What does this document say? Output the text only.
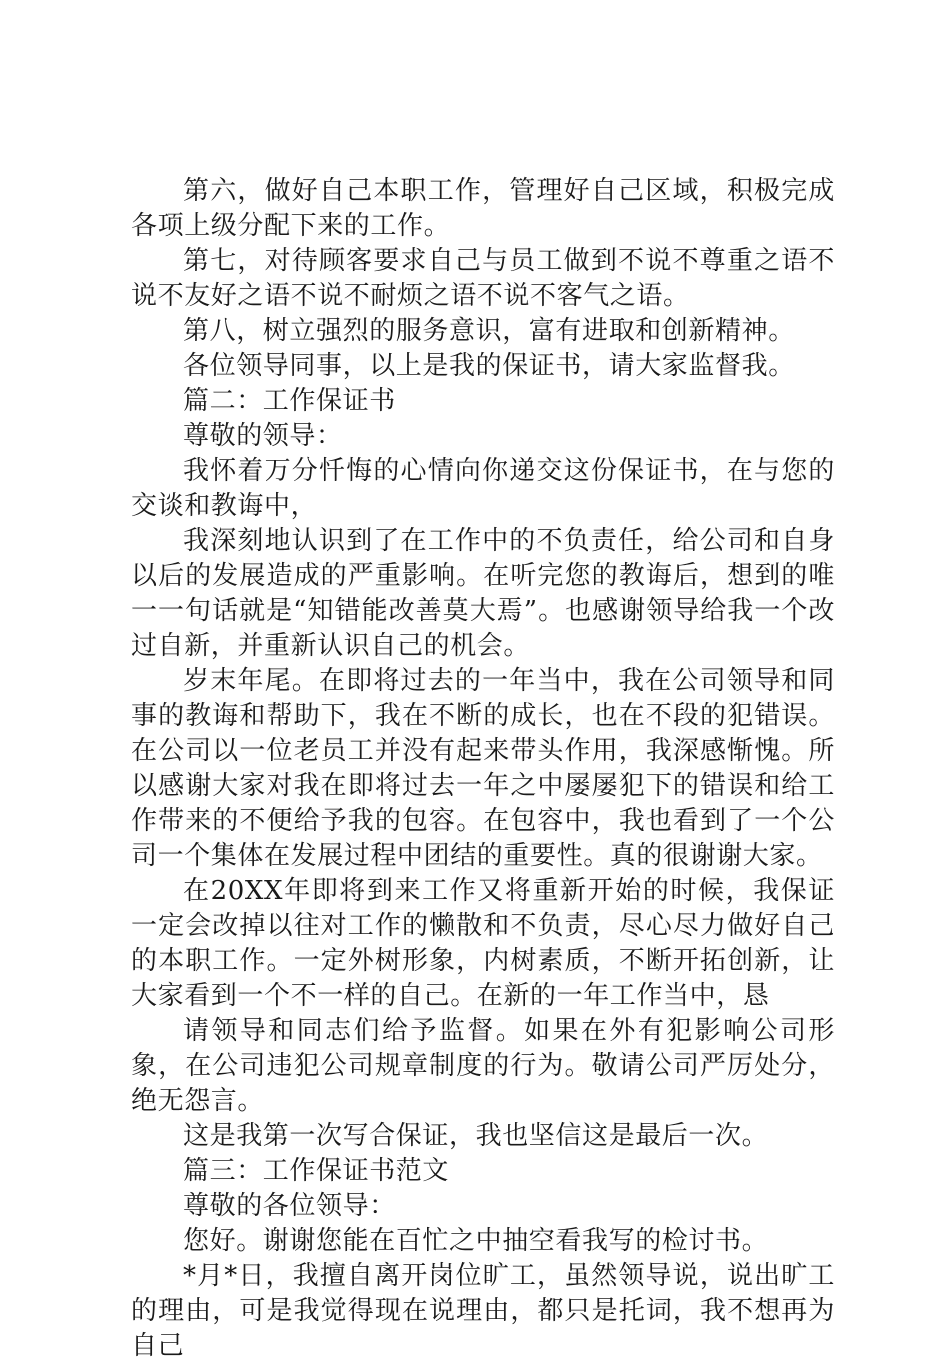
第六，做好自己本职工作，管理好自己区域，积极完成各项上级分配下来的工作。

第七，对待顾客要求自己与员工做到不说不尊重之语不说不友好之语不说不耐烦之语不说不客气之语。

第八，树立强烈的服务意识，富有进取和创新精神。

各位领导同事，以上是我的保证书，请大家监督我。

篇二：工作保证书

尊敬的领导：

我怀着万分忏悔的心情向你递交这份保证书，在与您的交谈和教诲中，

我深刻地认识到了在工作中的不负责任，给公司和自身以后的发展造成的严重影响。在听完您的教诲后，想到的唯一一句话就是“知错能改善莫大焉”。也感谢领导给我一个改过自新，并重新认识自己的机会。

岁末年尾。在即将过去的一年当中，我在公司领导和同事的教诲和帮助下，我在不断的成长，也在不段的犯错误。在公司以一位老员工并没有起来带头作用，我深感惭愧。所以感谢大家对我在即将过去一年之中屡屡犯下的错误和给工作带来的不便给予我的包容。在包容中，我也看到了一个公司一个集体在发展过程中团结的重要性。真的很谢谢大家。

在20XX年即将到来工作又将重新开始的时候，我保证一定会改掉以往对工作的懒散和不负责，尽心尽力做好自己的本职工作。一定外树形象，内树素质，不断开拓创新，让大家看到一个不一样的自己。在新的一年工作当中，恳

请领导和同志们给予监督。如果在外有犯影响公司形象，在公司违犯公司规章制度的行为。敬请公司严厉处分，绝无怨言。

这是我第一次写合保证，我也坚信这是最后一次。

篇三：工作保证书范文

尊敬的各位领导：

您好。谢谢您能在百忙之中抽空看我写的检讨书。

*月*日，我擅自离开岗位旷工，虽然领导说，说出旷工的理由，可是我觉得现在说理由，都只是托词，我不想再为自己
